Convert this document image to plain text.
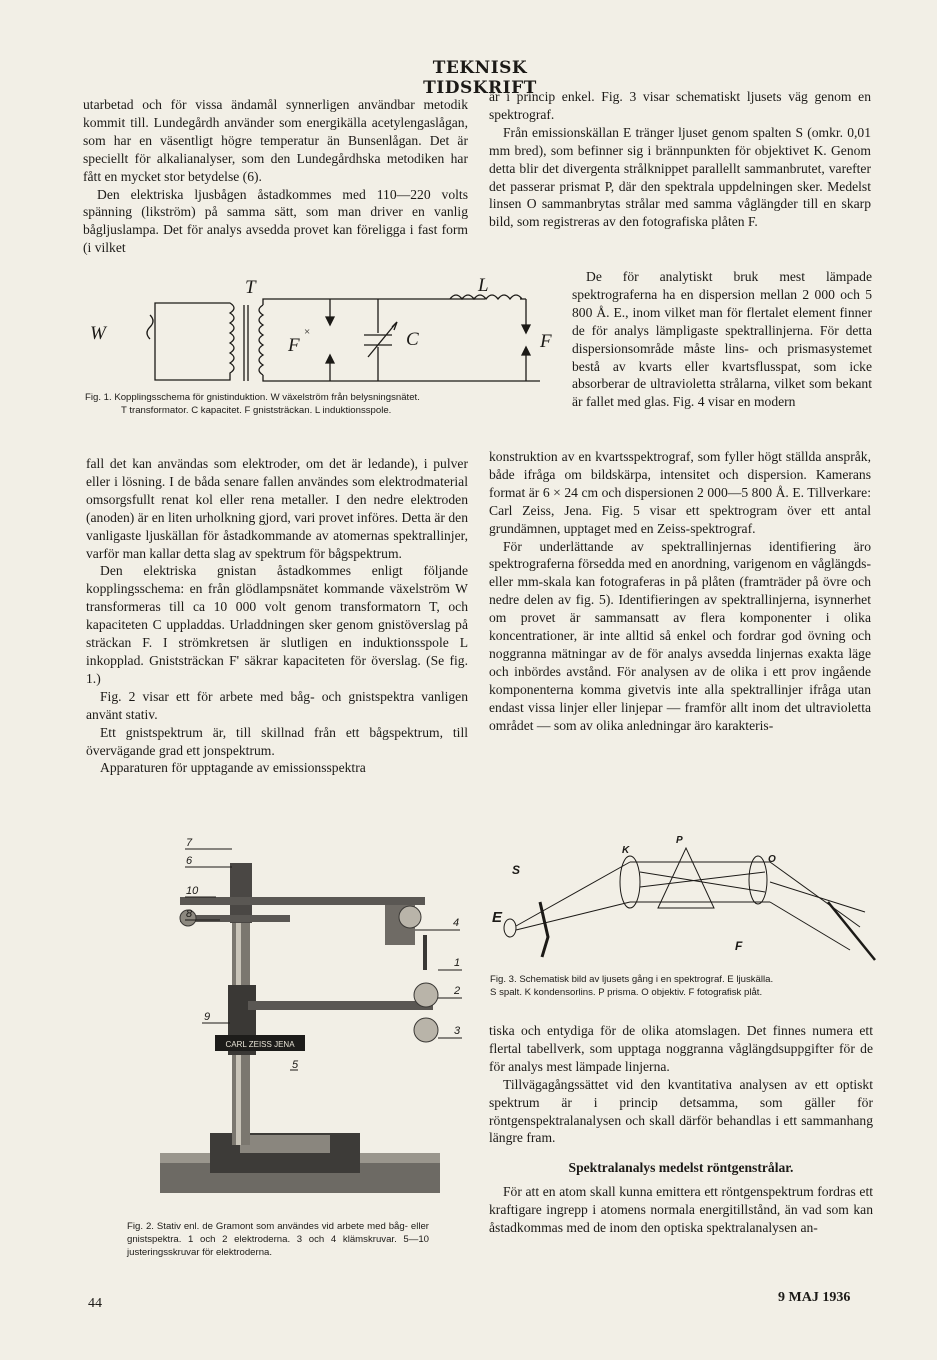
TEKNISK TIDSKRIFT

utarbetad och för vissa ändamål synnerligen användbar metodik kommit till. Lundegårdh använder som energikälla acetylengaslågan, som har en väsentligt högre temperatur än Bunsenlågan. Det är speciellt för alkalianalyser, som den Lundegårdhska metodiken har fått en mycket stor betydelse (6).

Den elektriska ljusbågen åstadkommes med 110—220 volts spänning (likström) på samma sätt, som man driver en vanlig bågljuslampa. Det för analys avsedda provet kan föreligga i fast form (i vilket

W
T	L
F
×	C	F
Fig. 1. Kopplingsschema för gnistinduktion. W växelström från belysningsnätet.
T transformator. C kapacitet. F gniststräckan. L induktionsspole.

fall det kan användas som elektroder, om det är ledande), i pulver eller i lösning. I de båda senare fallen användes som elektrodmaterial omsorgsfullt renat kol eller rena metaller. I den nedre elektroden (anoden) är en liten urholkning gjord, vari provet införes. Detta är den vanligaste ljuskällan för åstadkommande av atomernas spektrallinjer, varför man kallar detta slag av spektrum för bågspektrum.

Den elektriska gnistan åstadkommes enligt följande kopplingsschema: en från glödlampsnätet kommande växelström W transformeras till ca 10 000 volt genom transformatorn T, och kapaciteten C uppladdas. Urladdningen sker genom gnistöverslag på sträckan F. I strömkretsen är slutligen en induktionsspole L inkopplad. Gniststräckan F' säkrar kapaciteten för överslag. (Se fig. 1.)

Fig. 2 visar ett för arbete med båg- och gnistspektra vanligen använt stativ.

Ett gnistspektrum är, till skillnad från ett bågspektrum, till övervägande grad ett jonspektrum.

Apparaturen för upptagande av emissionsspektra

CARL ZEISS JENA
7
6
10
8
4
1
2
9
3
5
Fig. 2. Stativ enl. de Gramont som användes vid arbete med båg- eller gnistspektra. 1 och 2 elektroderna. 3 och 4 klämskruvar. 5—10 justeringsskruvar för elektroderna.

är i princip enkel. Fig. 3 visar schematiskt ljusets väg genom en spektrograf.

Från emissionskällan E tränger ljuset genom spalten S (omkr. 0,01 mm bred), som befinner sig i brännpunkten för objektivet K. Genom detta blir det divergenta strålknippet parallellt sammanbrutet, varefter det passerar prismat P, där den spektrala uppdelningen sker. Medelst linsen O sammanbrytas strålar med samma våglängder till en skarp bild, som registreras av den fotografiska plåten F.

De för analytiskt bruk mest lämpade spektrograferna ha en dispersion mellan 2 000 och 5 800 Å. E., inom vilket man för flertalet element finner de för analys lämpligaste spektrallinjerna. För detta dispersionsområde måste lins- och prismasystemet bestå av kvarts eller kvartsflusspat, som icke absorberar de ultravioletta strålarna, vilket som bekant är fallet med glas. Fig. 4 visar en modern

konstruktion av en kvartsspektrograf, som fyller högt ställda anspråk, både ifråga om bildskärpa, intensitet och dispersion. Kamerans format är 6 × 24 cm och dispersionen 2 000—5 800 Å. E. Tillverkare: Carl Zeiss, Jena. Fig. 5 visar ett spektrogram över ett antal grundämnen, upptaget med en Zeiss-spektrograf.

För underlättande av spektrallinjernas identifiering äro spektrograferna försedda med en anordning, varigenom en våglängds- eller mm-skala kan fotograferas in på plåten (framträder på övre och nedre delen av fig. 5). Identifieringen av spektrallinjerna, isynnerhet om provet är sammansatt av flera komponenter i olika koncentrationer, är inte alltid så enkel och fordrar god övning och noggranna mätningar av de för analys avsedda linjernas exakta läge och inbördes avstånd. För analysen av de olika i ett prov ingående komponenterna komma givetvis inte alla spektrallinjer ifråga utan endast vissa linjer eller linjepar — framför allt inom det ultravioletta området — som av olika anledningar äro karakteris-

S
K
P
O
E
F
Fig. 3. Schematisk bild av ljusets gång i en spektrograf. E ljuskälla.
S spalt. K kondensorlins. P prisma. O objektiv. F fotografisk plåt.

tiska och entydiga för de olika atomslagen. Det finnes numera ett flertal tabellverk, som upptaga noggranna våglängdsuppgifter för de för analys mest lämpade linjerna.

Tillvägagångssättet vid den kvantitativa analysen av ett optiskt spektrum är i princip detsamma, som gäller för röntgenspektralanalysen och skall därför behandlas i ett sammanhang längre fram.

Spektralanalys medelst röntgenstrålar.

För att en atom skall kunna emittera ett röntgenspektrum fordras ett kraftigare ingrepp i atomens normala energitillstånd, än vad som kan åstadkommas med de inom den optiska spektralanalysen an-

44	9 MAJ 1936
